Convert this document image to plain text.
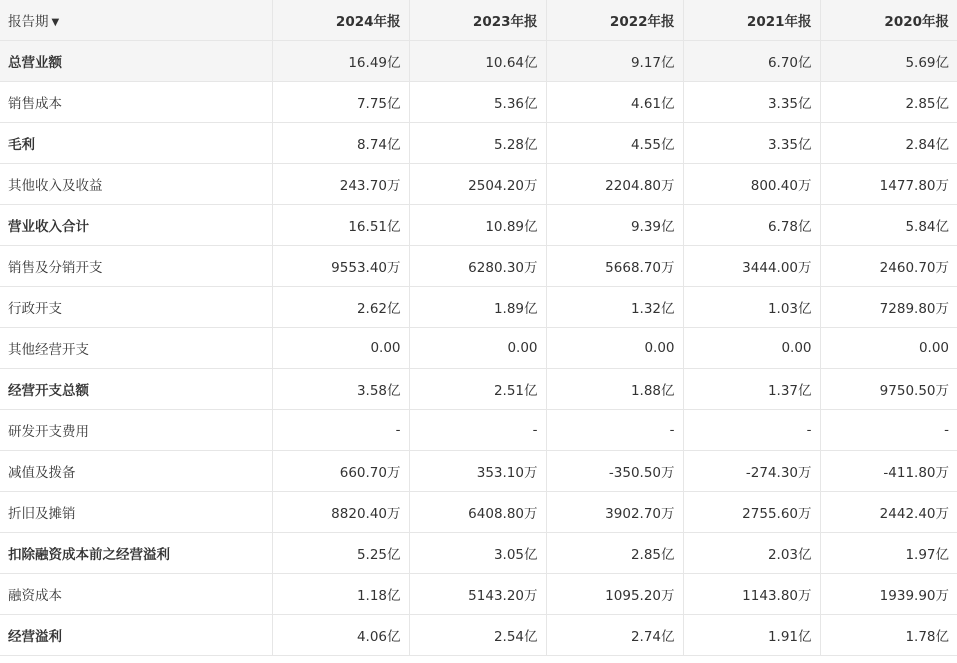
报告期 ▼	2024年报	2023年报	2022年报	2021年报	2020年报
总营业额	16.49亿	10.64亿	9.17亿	6.70亿	5.69亿
销售成本	7.75亿	5.36亿	4.61亿	3.35亿	2.85亿
毛利	8.74亿	5.28亿	4.55亿	3.35亿	2.84亿
其他收入及收益	243.70万	2504.20万	2204.80万	800.40万	1477.80万
营业收入合计	16.51亿	10.89亿	9.39亿	6.78亿	5.84亿
销售及分销开支	9553.40万	6280.30万	5668.70万	3444.00万	2460.70万
行政开支	2.62亿	1.89亿	1.32亿	1.03亿	7289.80万
其他经营开支	0.00	0.00	0.00	0.00	0.00
经营开支总额	3.58亿	2.51亿	1.88亿	1.37亿	9750.50万
研发开支费用	-	-	-	-	-
减值及拨备	660.70万	353.10万	-350.50万	-274.30万	-411.80万
折旧及摊销	8820.40万	6408.80万	3902.70万	2755.60万	2442.40万
扣除融资成本前之经营溢利	5.25亿	3.05亿	2.85亿	2.03亿	1.97亿
融资成本	1.18亿	5143.20万	1095.20万	1143.80万	1939.90万
经营溢利	4.06亿	2.54亿	2.74亿	1.91亿	1.78亿
